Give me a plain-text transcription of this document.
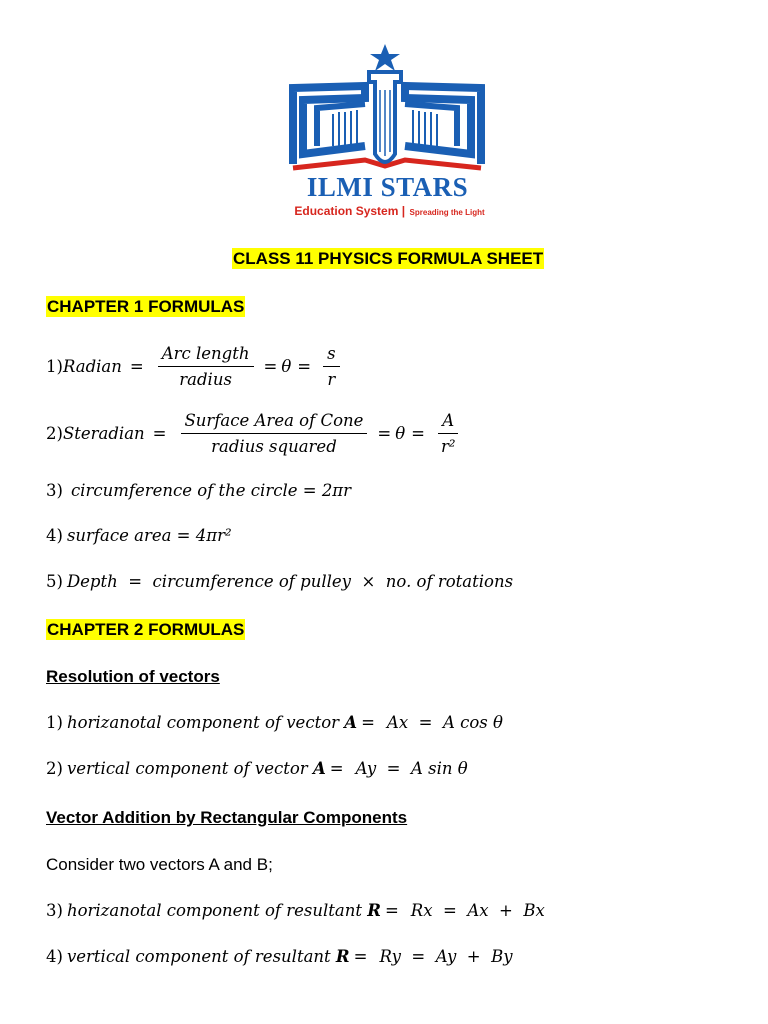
ILMI STARS
Education System | Spreading the Light
CLASS 11 PHYSICS FORMULA SHEET
CHAPTER 1 FORMULAS
1) Radian = $\frac{\text{Arc length}}{\text{radius}} = \theta = \frac{s}{r}$
2) Steradian = $\frac{\text{Surface Area of Cone}}{\text{radius squared}} = \theta = \frac{A}{\text{r²}}$
3) circumference of the circle = 2πr
4) surface area = 4πr²
5) Depth  =  circumference of pulley  ×  no. of rotations
CHAPTER 2 FORMULAS
Resolution of vectors
1) horizanotal component of vector
A = Ax  =  A cos θ
2) vertical component of vector
A = Ay  =  A sin θ
Vector Addition by Rectangular Components
Consider two vectors A and B;
3) horizanotal component of resultant
R = Rx  =  Ax  +  Bx
4) vertical component of resultant
R = Ry  =  Ay  +  By
